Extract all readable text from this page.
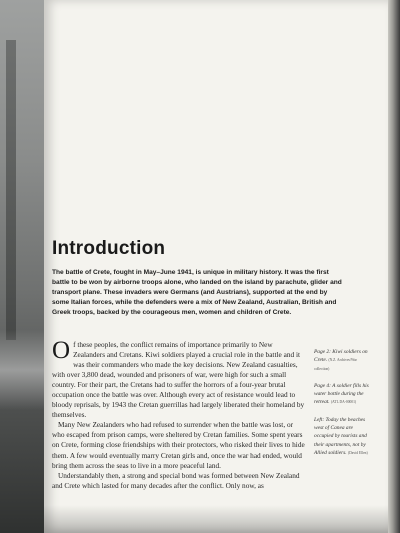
Introduction

The battle of Crete, fought in May–June 1941, is unique in military history. It was the first battle to be won by airborne troops alone, who landed on the island by parachute, glider and transport plane. These invaders were Germans (and Austrians), supported at the end by some Italian forces, while the defenders were a mix of New Zealand, Australian, British and Greek troops, backed by the courageous men, women and children of Crete.

Of these peoples, the conflict remains of importance primarily to New Zealanders and Cretans. Kiwi soldiers played a crucial role in the battle and it was their commanders who made the key decisions. New Zealand casualties, with over 3,800 dead, wounded and prisoners of war, were high for such a small country. For their part, the Cretans had to suffer the horrors of a four-year brutal occupation once the battle was over. Although every act of resistance would lead to bloody reprisals, by 1943 the Cretan guerrillas had largely liberated their homeland by themselves.

Many New Zealanders who had refused to surrender when the battle was lost, or who escaped from prison camps, were sheltered by Cretan families. Some spent years on Crete, forming close friendships with their protectors, who risked their lives to hide them. A few would eventually marry Cretan girls and, once the war had ended, would bring them across the seas to live in a more peaceful land.

Understandably then, a strong and special bond was formed between New Zealand and Crete which lasted for many decades after the conflict. Only now, as

Page 2: Kiwi soldiers on Crete. (N.Z. Archives/War collection)

Page 4: A soldier fills his water bottle during the retreat. (ATL DA-00001)

Left: Today the beaches west of Canea are occupied by tourists and their apartments, not by Allied soldiers. (David Ellen)
